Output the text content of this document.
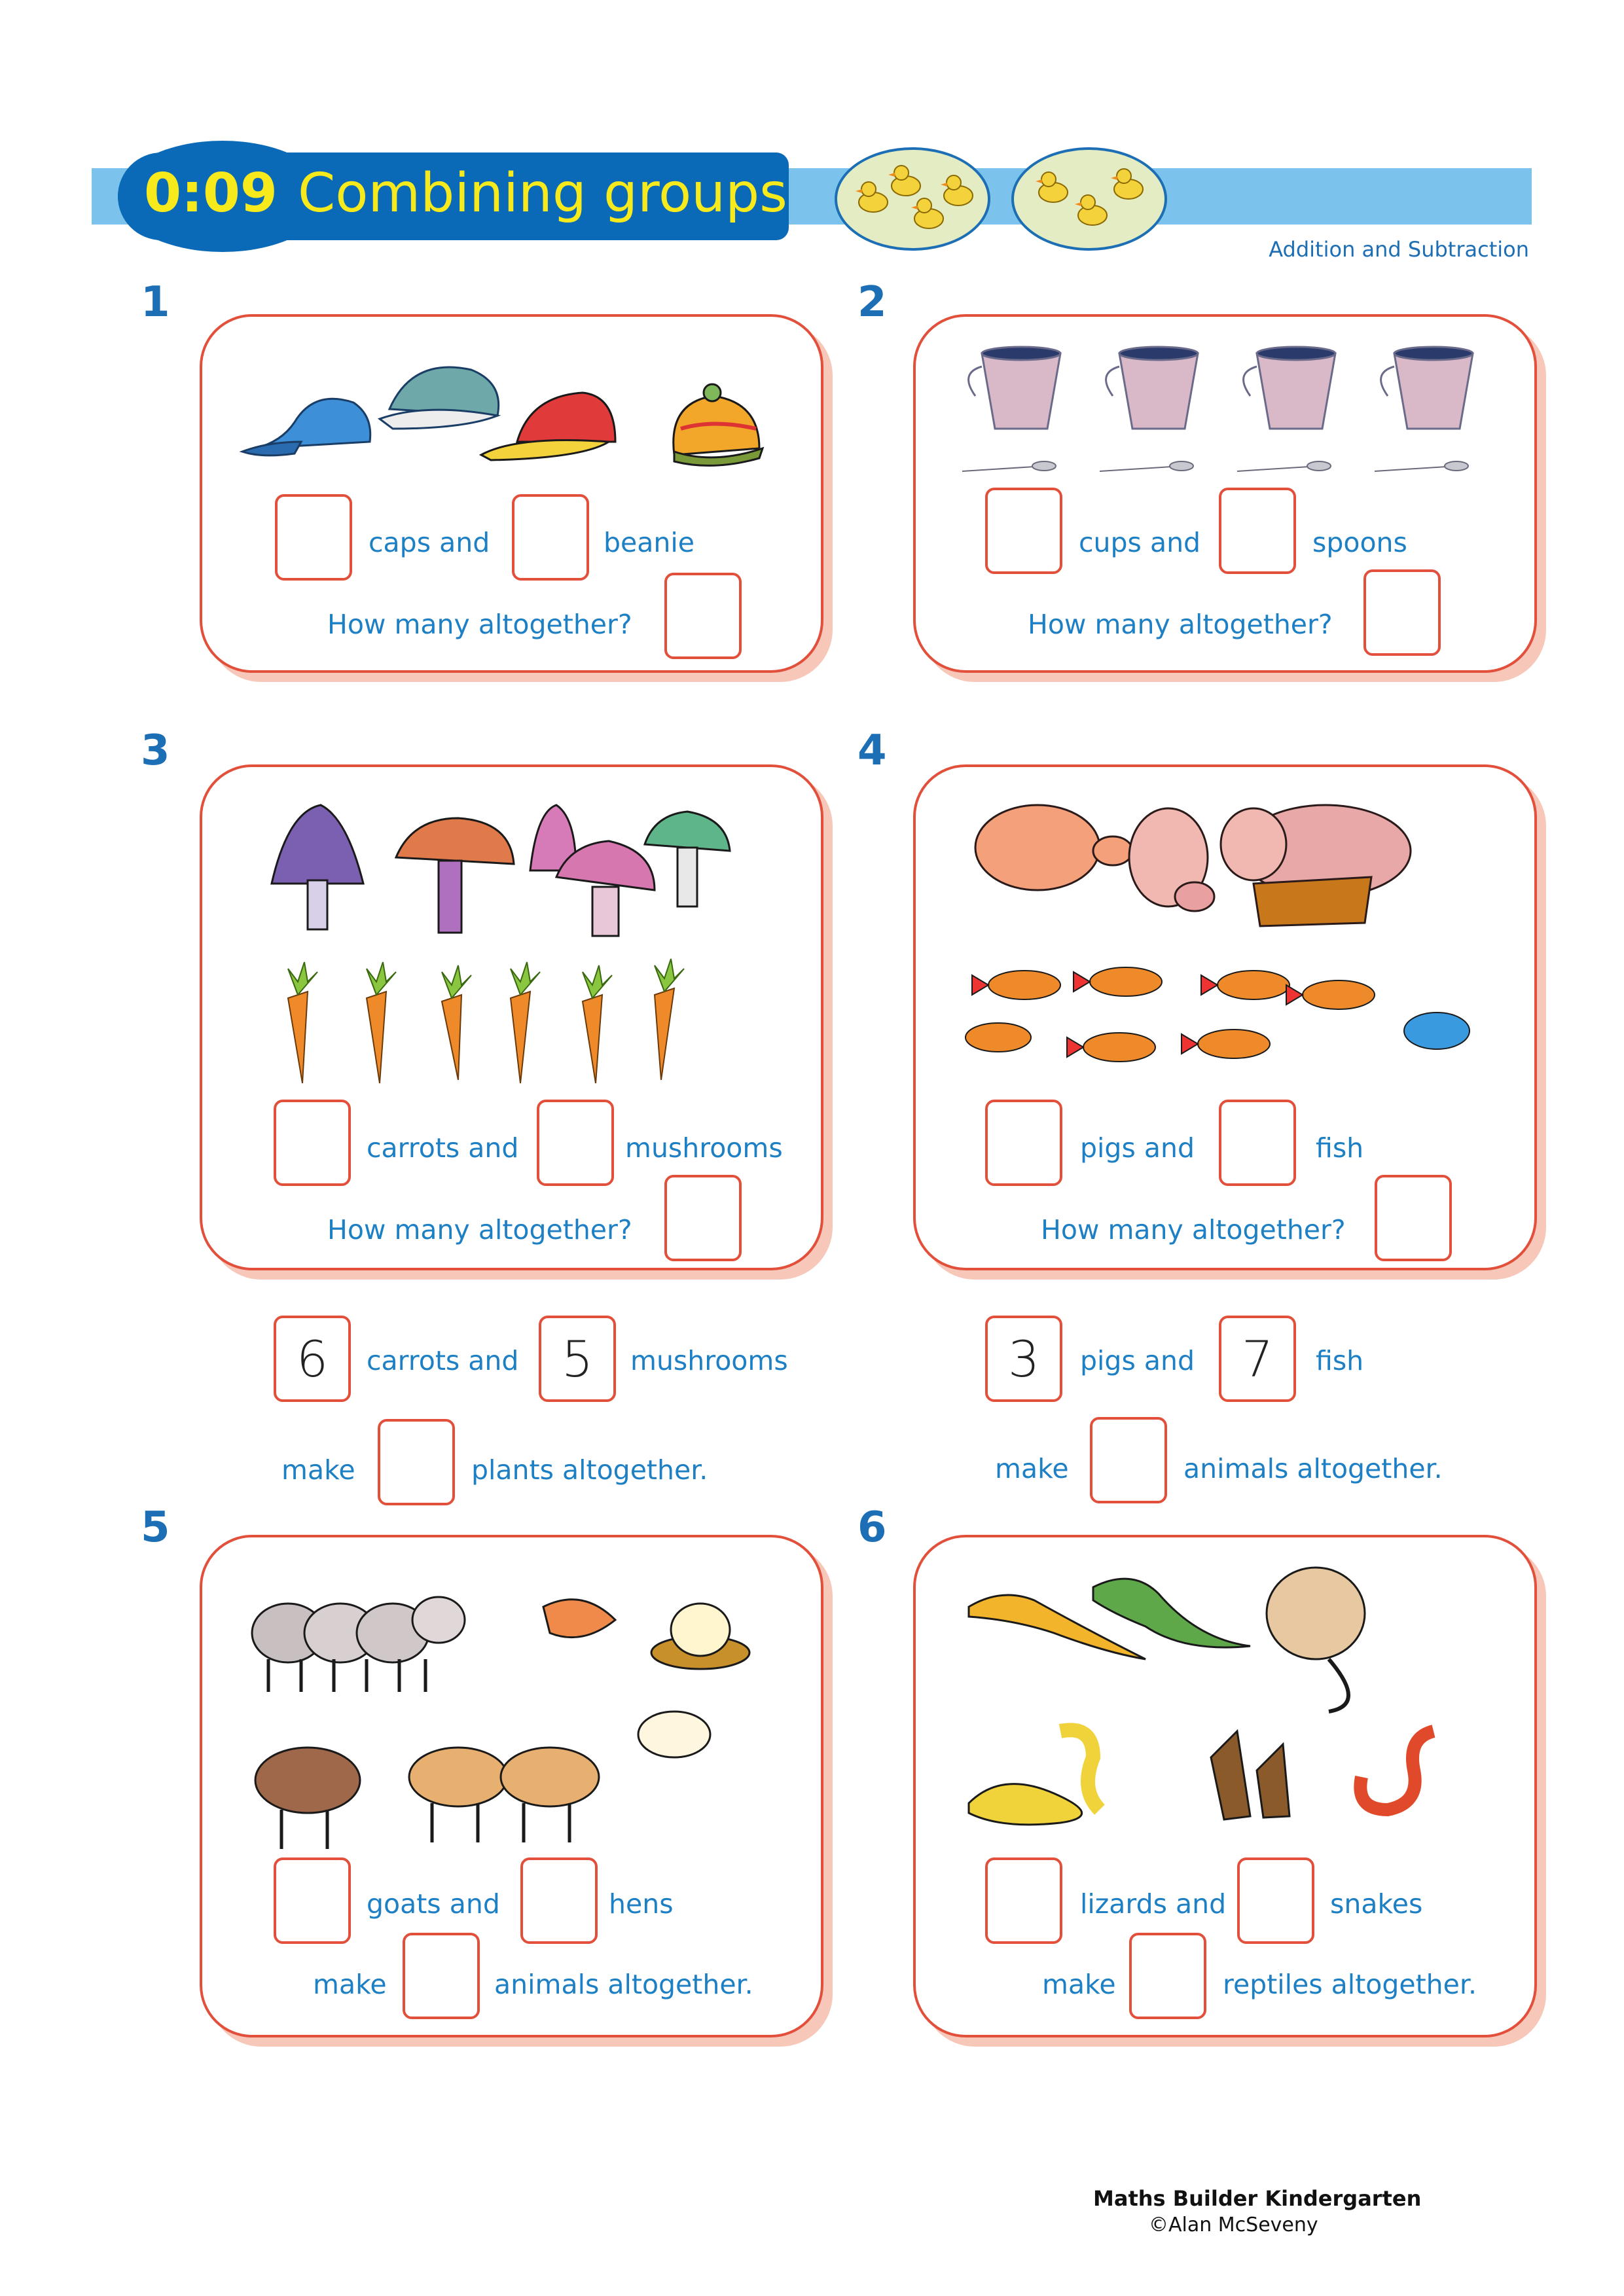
0:09 Combining groups
Addition and Subtraction
1
caps and	beanie
How many altogether?
2
cups and	spoons
How many altogether?
3
carrots and	mushrooms
How many altogether?
6	carrots and 5	mushrooms
make	plants altogether.
4
pigs and	fish
How many altogether?
3	pigs and 7	fish
make	animals altogether.
5
goats and	hens
make	animals altogether.
6
lizards and	snakes
make	reptiles altogether.
Maths Builder Kindergarten
©Alan McSeveny
